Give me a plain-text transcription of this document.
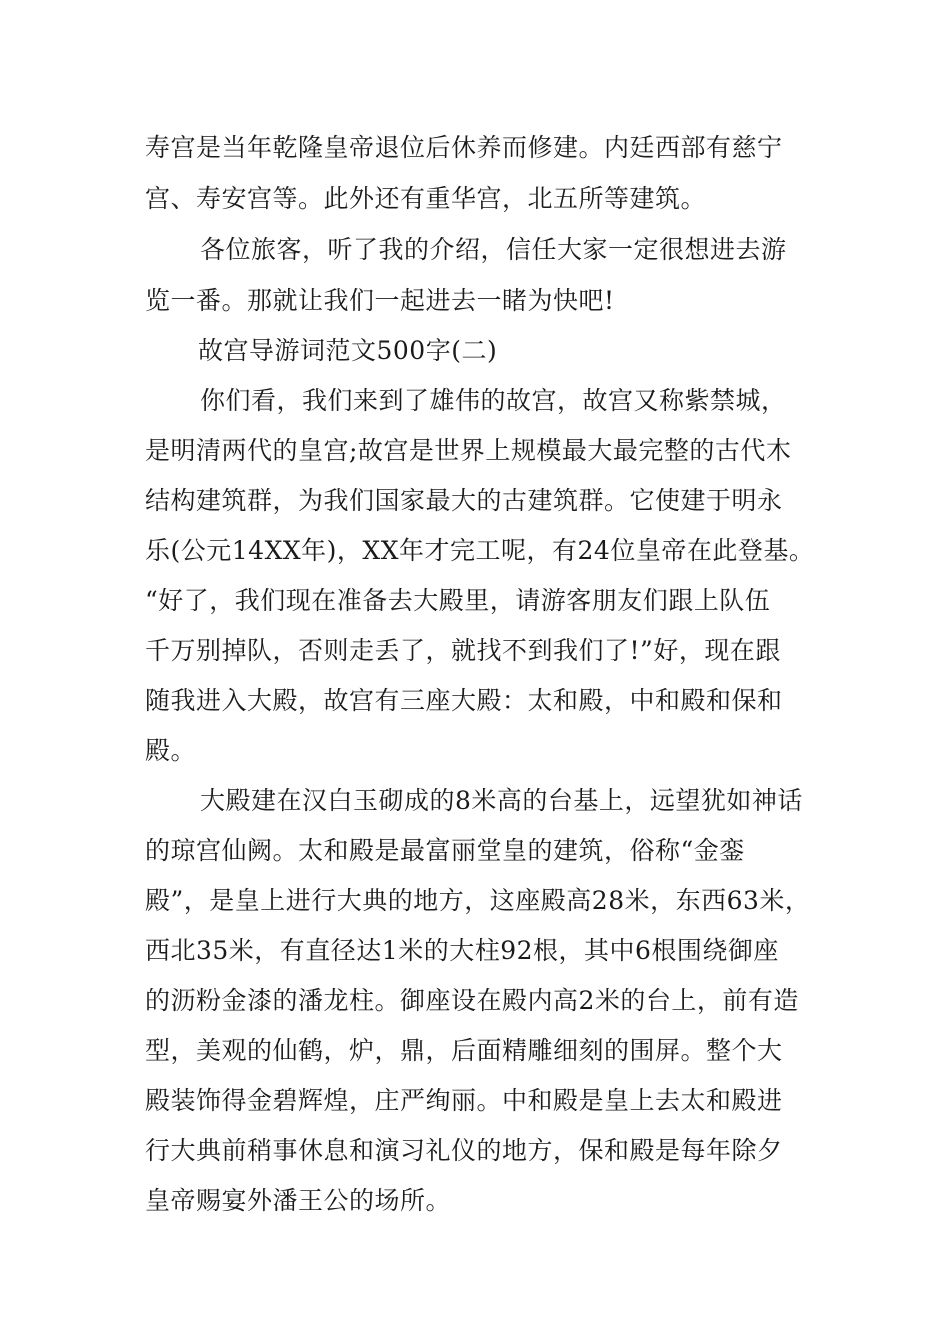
寿宫是当年乾隆皇帝退位后休养而修建。内廷西部有慈宁
宫、寿安宫等。此外还有重华宫，北五所等建筑。
各位旅客，听了我的介绍，信任大家一定很想进去游
览一番。那就让我们一起进去一睹为快吧!
故宫导游词范文500字(二)
你们看，我们来到了雄伟的故宫，故宫又称紫禁城，
是明清两代的皇宫;故宫是世界上规模最大最完整的古代木
结构建筑群，为我们国家最大的古建筑群。它使建于明永
乐(公元14XX年)，XX年才完工呢，有24位皇帝在此登基。
“好了，我们现在准备去大殿里，请游客朋友们跟上队伍
千万别掉队，否则走丢了，就找不到我们了!”好，现在跟
随我进入大殿，故宫有三座大殿：太和殿，中和殿和保和
殿。
大殿建在汉白玉砌成的8米高的台基上，远望犹如神话
的琼宫仙阙。太和殿是最富丽堂皇的建筑，俗称“金銮
殿”，是皇上进行大典的地方，这座殿高28米，东西63米，
西北35米，有直径达1米的大柱92根，其中6根围绕御座
的沥粉金漆的潘龙柱。御座设在殿内高2米的台上，前有造
型，美观的仙鹤，炉，鼎，后面精雕细刻的围屏。整个大
殿装饰得金碧辉煌，庄严绚丽。中和殿是皇上去太和殿进
行大典前稍事休息和演习礼仪的地方，保和殿是每年除夕
皇帝赐宴外潘王公的场所。
